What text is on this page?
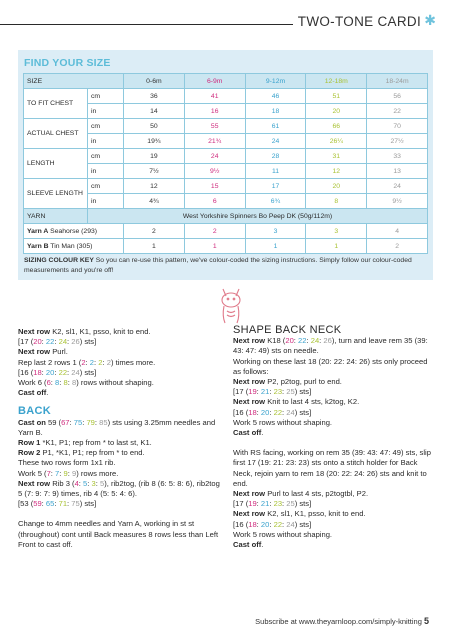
TWO-TONE CARDI ✱
FIND YOUR SIZE
SIZE		0-6m	6-9m	9-12m	12-18m	18-24m
TO FIT CHEST	cm	36	41	46	51	56
	in	14	16	18	20	22
ACTUAL CHEST	cm	50	55	61	66	70
	in	19¾	21¾	24	26¼	27½
LENGTH	cm	19	24	28	31	33
	in	7½	9½	11	12	13
SLEEVE LENGTH	cm	12	15	17	20	24
	in	4¾	6	6¾	8	9½
YARN	West Yorkshire Spinners Bo Peep DK (50g/112m)					
Yarn A Seahorse (293)		2	2	3	3	4
Yarn B Tin Man (305)		1	1	1	1	2
SIZING COLOUR KEY So you can re-use this pattern, we've colour-coded the sizing instructions. Simply follow our colour-coded measurements and you're off!

Next row K2, sl1, K1, psso, knit to end.

[17 (20: 22: 24: 26) sts]

Next row Purl.

Rep last 2 rows 1 (2: 2: 2: 2) times more.

[16 (18: 20: 22: 24) sts]

Work 6 (6: 8: 8: 8) rows without shaping.

Cast off.

BACK

Cast on 59 (67: 75: 79: 85) sts using 3.25mm needles and Yarn B.

Row 1 *K1, P1; rep from * to last st, K1.

Row 2 P1, *K1, P1; rep from * to end.

These two rows form 1x1 rib.

Work 5 (7: 7: 9: 9) rows more.

Next row Rib 3 (4: 5: 3: 5), rib2tog, (rib 8 (6: 5: 8: 6), rib2tog 5 (7: 9: 7: 9) times, rib 4 (5: 5: 4: 6).

[53 (59: 65: 71: 75) sts]

Change to 4mm needles and Yarn A, working in st st (throughout) cont until Back measures 8 rows less than Left Front to cast off.

SHAPE BACK NECK

Next row K18 (20: 22: 24: 26), turn and leave rem 35 (39: 43: 47: 49) sts on needle.

Working on these last 18 (20: 22: 24: 26) sts only proceed as follows:

Next row P2, p2tog, purl to end.

[17 (19: 21: 23: 25) sts]

Next row Knit to last 4 sts, k2tog, K2.

[16 (18: 20: 22: 24) sts]

Work 5 rows without shaping.

Cast off.

With RS facing, working on rem 35 (39: 43: 47: 49) sts, slip first 17 (19: 21: 23: 23) sts onto a stitch holder for Back Neck, rejoin yarn to rem 18 (20: 22: 24: 26) sts and knit to end.

Next row Purl to last 4 sts, p2togtbl, P2.

[17 (19: 21: 23: 25) sts]

Next row K2, sl1, K1, psso, knit to end.

[16 (18: 20: 22: 24) sts]

Work 5 rows without shaping.

Cast off.

Subscribe at www.theyarnloop.com/simply-knitting 5
